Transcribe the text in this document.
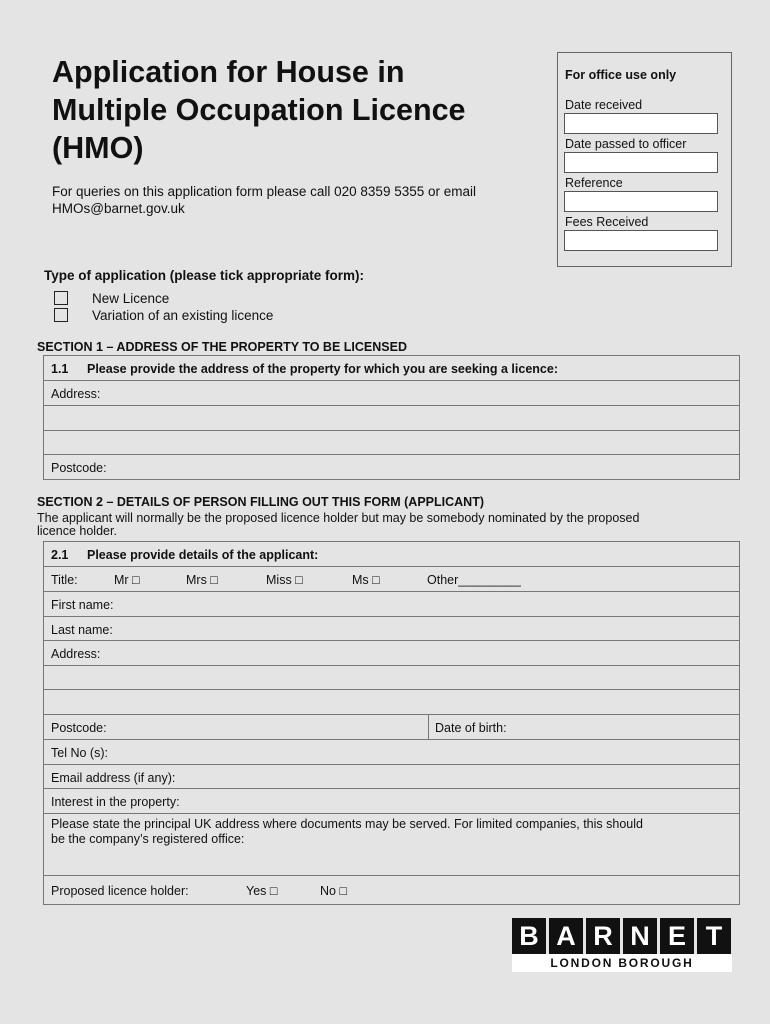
Application for House in
Multiple Occupation Licence
(HMO)
For queries on this application form please call 020 8359 5355 or email
HMOs@barnet.gov.uk
For office use only
Date received
Date passed to officer
Reference
Fees Received
Type of application (please tick appropriate form):
New Licence
Variation of an existing licence
SECTION 1 – ADDRESS OF THE PROPERTY TO BE LICENSED
1.1 Please provide the address of the property for which you are seeking a licence:
Address:
Postcode:
SECTION 2 – DETAILS OF PERSON FILLING OUT THIS FORM (APPLICANT)
The applicant will normally be the proposed licence holder but may be somebody nominated by the proposed
licence holder.
2.1 Please provide details of the applicant:
Title:	Mr □	Mrs □	Miss □	Ms □	Other_________
First name:
Last name:
Address:
Postcode:	Date of birth:
Tel No (s):
Email address (if any):
Interest in the property:
Please state the principal UK address where documents may be served. For limited companies, this should
be the company’s registered office:
Proposed licence holder:	Yes □	No □
B A R N E T
LONDON BOROUGH
